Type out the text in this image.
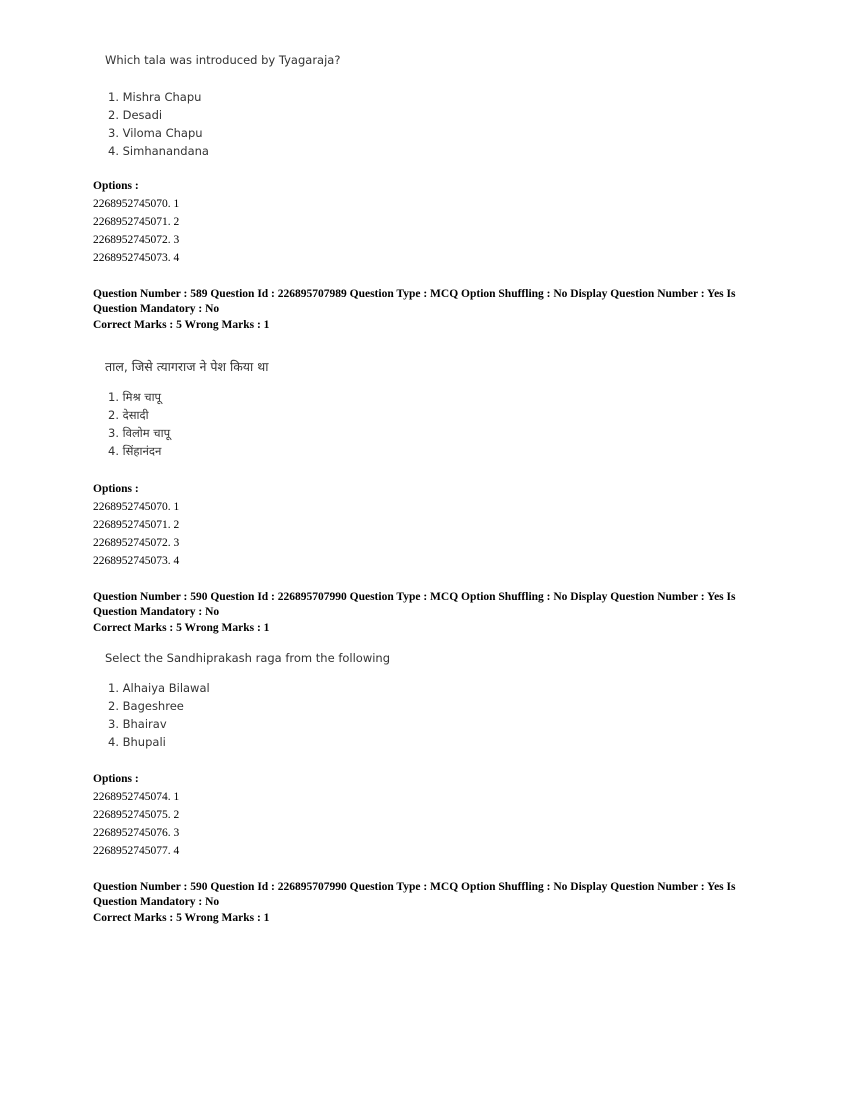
Which tala was introduced by Tyagaraja?
1. Mishra Chapu
2. Desadi
3. Viloma Chapu
4. Simhanandana
Options :
2268952745070. 1
2268952745071. 2
2268952745072. 3
2268952745073. 4

Question Number : 589 Question Id : 226895707989 Question Type : MCQ Option Shuffling : No Display Question Number : Yes Is Question Mandatory : No

Correct Marks : 5 Wrong Marks : 1

ताल, जिसे त्यागराज ने पेश किया था
1. मिश्र चापू
2. देसादी
3. विलोम चापू
4. सिंहानंदन
Options :
2268952745070. 1
2268952745071. 2
2268952745072. 3
2268952745073. 4

Question Number : 590 Question Id : 226895707990 Question Type : MCQ Option Shuffling : No Display Question Number : Yes Is Question Mandatory : No

Correct Marks : 5 Wrong Marks : 1

Select the Sandhiprakash raga from the following
1. Alhaiya Bilawal
2. Bageshree
3. Bhairav
4. Bhupali
Options :
2268952745074. 1
2268952745075. 2
2268952745076. 3
2268952745077. 4

Question Number : 590 Question Id : 226895707990 Question Type : MCQ Option Shuffling : No Display Question Number : Yes Is Question Mandatory : No

Correct Marks : 5 Wrong Marks : 1
